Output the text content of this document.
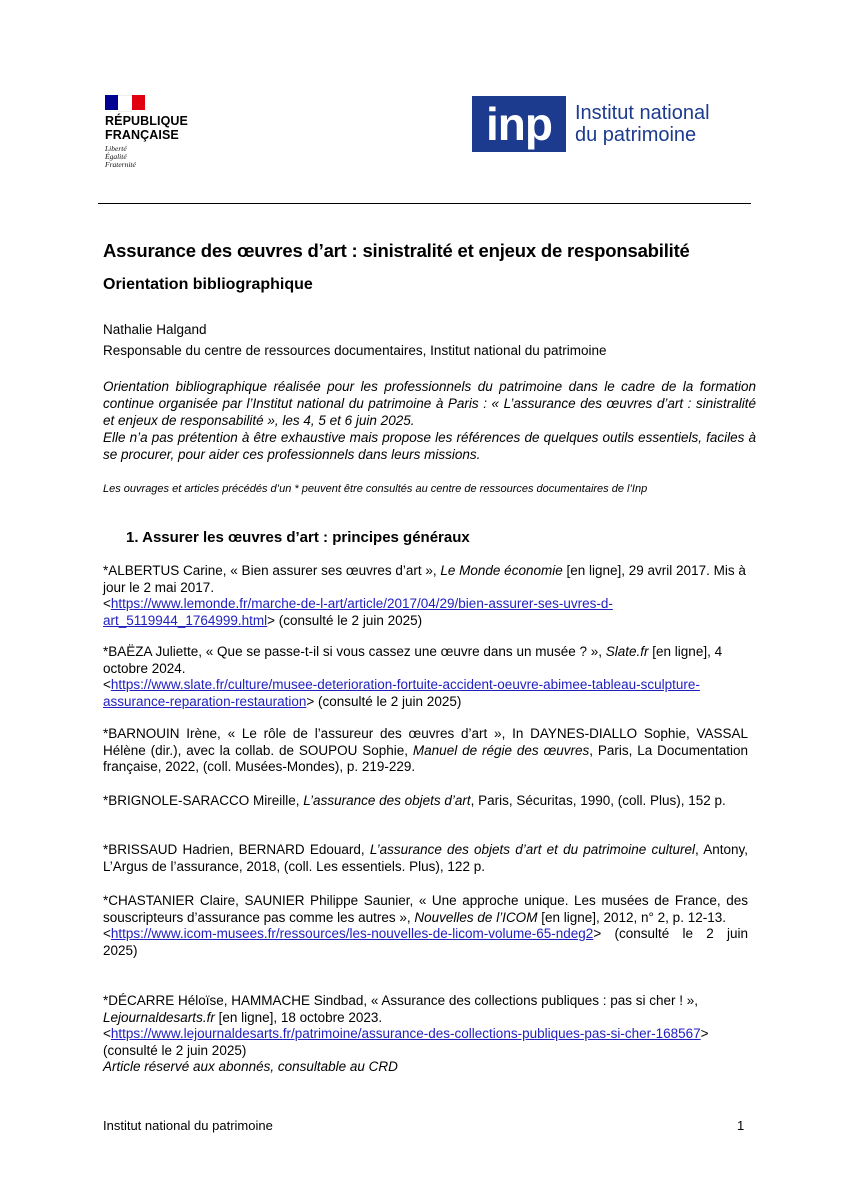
RÉPUBLIQUE
FRANÇAISE
Liberté
Égalité
Fraternité
inp	Institut national
du patrimoine
Assurance des œuvres d’art : sinistralité et enjeux de responsabilité
Orientation bibliographique
Nathalie Halgand
Responsable du centre de ressources documentaires, Institut national du patrimoine
Orientation bibliographique réalisée pour les professionnels du patrimoine dans le cadre de la formation continue organisée par l’Institut national du patrimoine à Paris : « L’assurance des œuvres d’art : sinistralité et enjeux de responsabilité », les 4, 5 et 6 juin 2025.
Elle n’a pas prétention à être exhaustive mais propose les références de quelques outils essentiels, faciles à se procurer, pour aider ces professionnels dans leurs missions.
Les ouvrages et articles précédés d’un * peuvent être consultés au centre de ressources documentaires de l’Inp
1. Assurer les œuvres d’art : principes généraux
*ALBERTUS Carine, « Bien assurer ses œuvres d’art », Le Monde économie [en ligne], 29 avril 2017. Mis à jour le 2 mai 2017.
<https://www.lemonde.fr/marche-de-l-art/article/2017/04/29/bien-assurer-ses-uvres-d-art_5119944_1764999.html> (consulté le 2 juin 2025)
*BAËZA Juliette, « Que se passe-t-il si vous cassez une œuvre dans un musée ? », Slate.fr [en ligne], 4 octobre 2024.
<https://www.slate.fr/culture/musee-deterioration-fortuite-accident-oeuvre-abimee-tableau-sculpture-assurance-reparation-restauration> (consulté le 2 juin 2025)
*BARNOUIN Irène, « Le rôle de l’assureur des œuvres d’art », In DAYNES-DIALLO Sophie, VASSAL Hélène (dir.), avec la collab. de SOUPOU Sophie, Manuel de régie des œuvres, Paris, La Documentation française, 2022, (coll. Musées-Mondes), p. 219-229.
*BRIGNOLE-SARACCO Mireille, L’assurance des objets d’art, Paris, Sécuritas, 1990, (coll. Plus), 152 p.
*BRISSAUD Hadrien, BERNARD Edouard, L’assurance des objets d’art et du patrimoine culturel, Antony, L’Argus de l’assurance, 2018, (coll. Les essentiels. Plus), 122 p.
*CHASTANIER Claire, SAUNIER Philippe Saunier, « Une approche unique. Les musées de France, des souscripteurs d’assurance pas comme les autres », Nouvelles de l’ICOM [en ligne], 2012, n° 2, p. 12-13.
<https://www.icom-musees.fr/ressources/les-nouvelles-de-licom-volume-65-ndeg2> (consulté le 2 juin 2025)
*DÉCARRE Héloïse, HAMMACHE Sindbad, « Assurance des collections publiques : pas si cher ! », Lejournaldesarts.fr [en ligne], 18 octobre 2023.
<https://www.lejournaldesarts.fr/patrimoine/assurance-des-collections-publiques-pas-si-cher-168567> (consulté le 2 juin 2025)
Article réservé aux abonnés, consultable au CRD
Institut national du patrimoine	1
